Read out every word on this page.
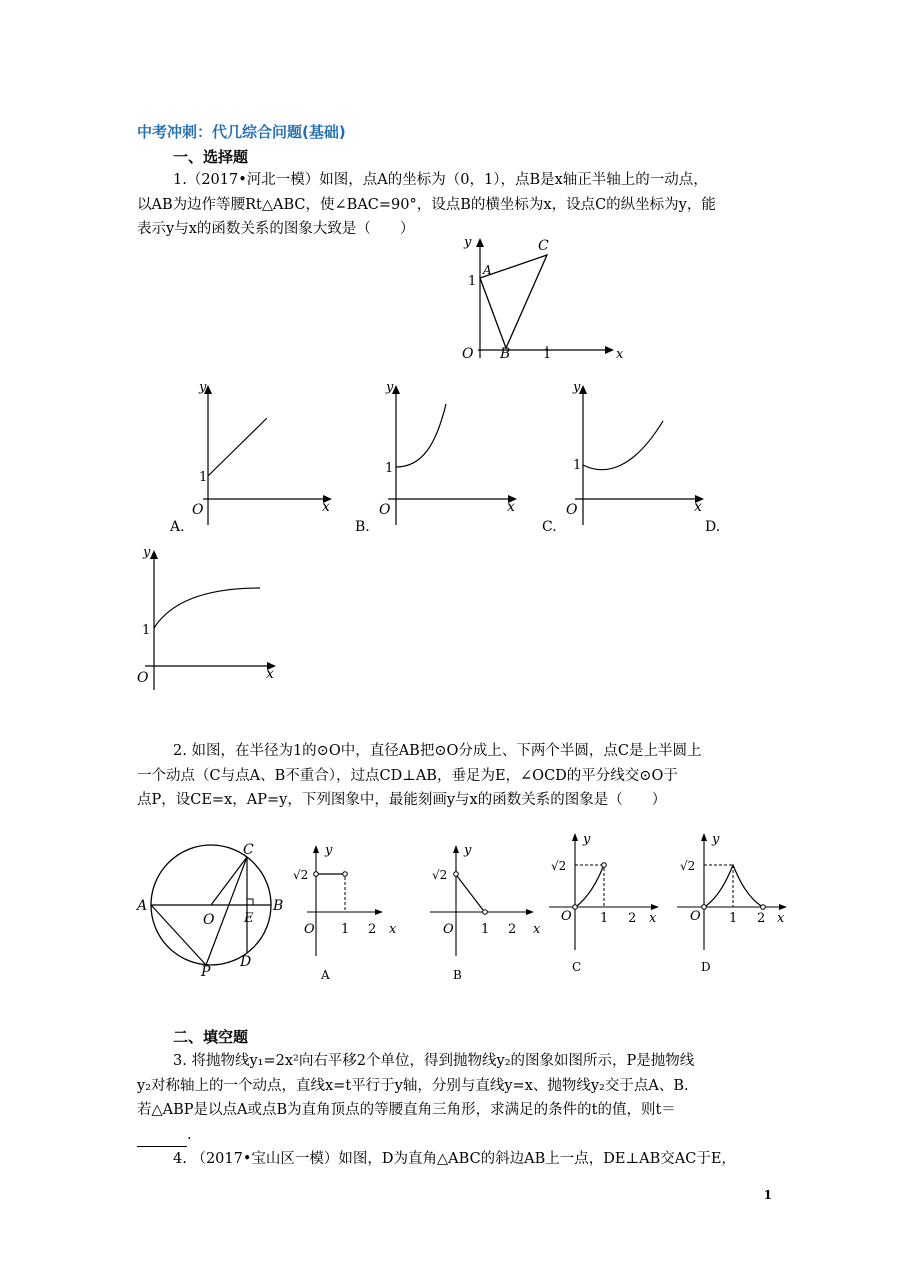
中考冲刺：代几综合问题(基础)
一、选择题

1.（2017•河北一模）如图，点A的坐标为（0，1），点B是x轴正半轴上的一动点，

以AB为边作等腰Rt△ABC，使∠BAC=90°，设点B的横坐标为x，设点C的纵坐标为y，能

表示y与x的函数关系的图象大致是（　　）

y
x
C
A
1
O B	1
y
x
1
O
A.
y
x
1
O
B.
y
x
1
O
C.	D.
y
x
1
O

2. 如图，在半径为1的⊙O中，直径AB把⊙O分成上、下两个半圆，点C是上半圆上

一个动点（C与点A、B不重合），过点CD⊥AB，垂足为E，∠OCD的平分线交⊙O于

点P，设CE=x，AP=y，下列图象中，最能刻画y与x的函数关系的图象是（　　）

A	B
C
D
E
O
P
y
x
√2
O 1 2
A
y
x
√2
O 1 2
B
y
x
√2
O 1 2
C
y
x
√2
O 1 2
D
二、填空题

3. 将抛物线y₁=2x²向右平移2个单位，得到抛物线y₂的图象如图所示，P是抛物线

y₂对称轴上的一个动点，直线x=t平行于y轴，分别与直线y=x、抛物线y₂交于点A、B.

若△ABP是以点A或点B为直角顶点的等腰直角三角形，求满足的条件的t的值，则t＝

.

4. （2017•宝山区一模）如图，D为直角△ABC的斜边AB上一点，DE⊥AB交AC于E，

1
